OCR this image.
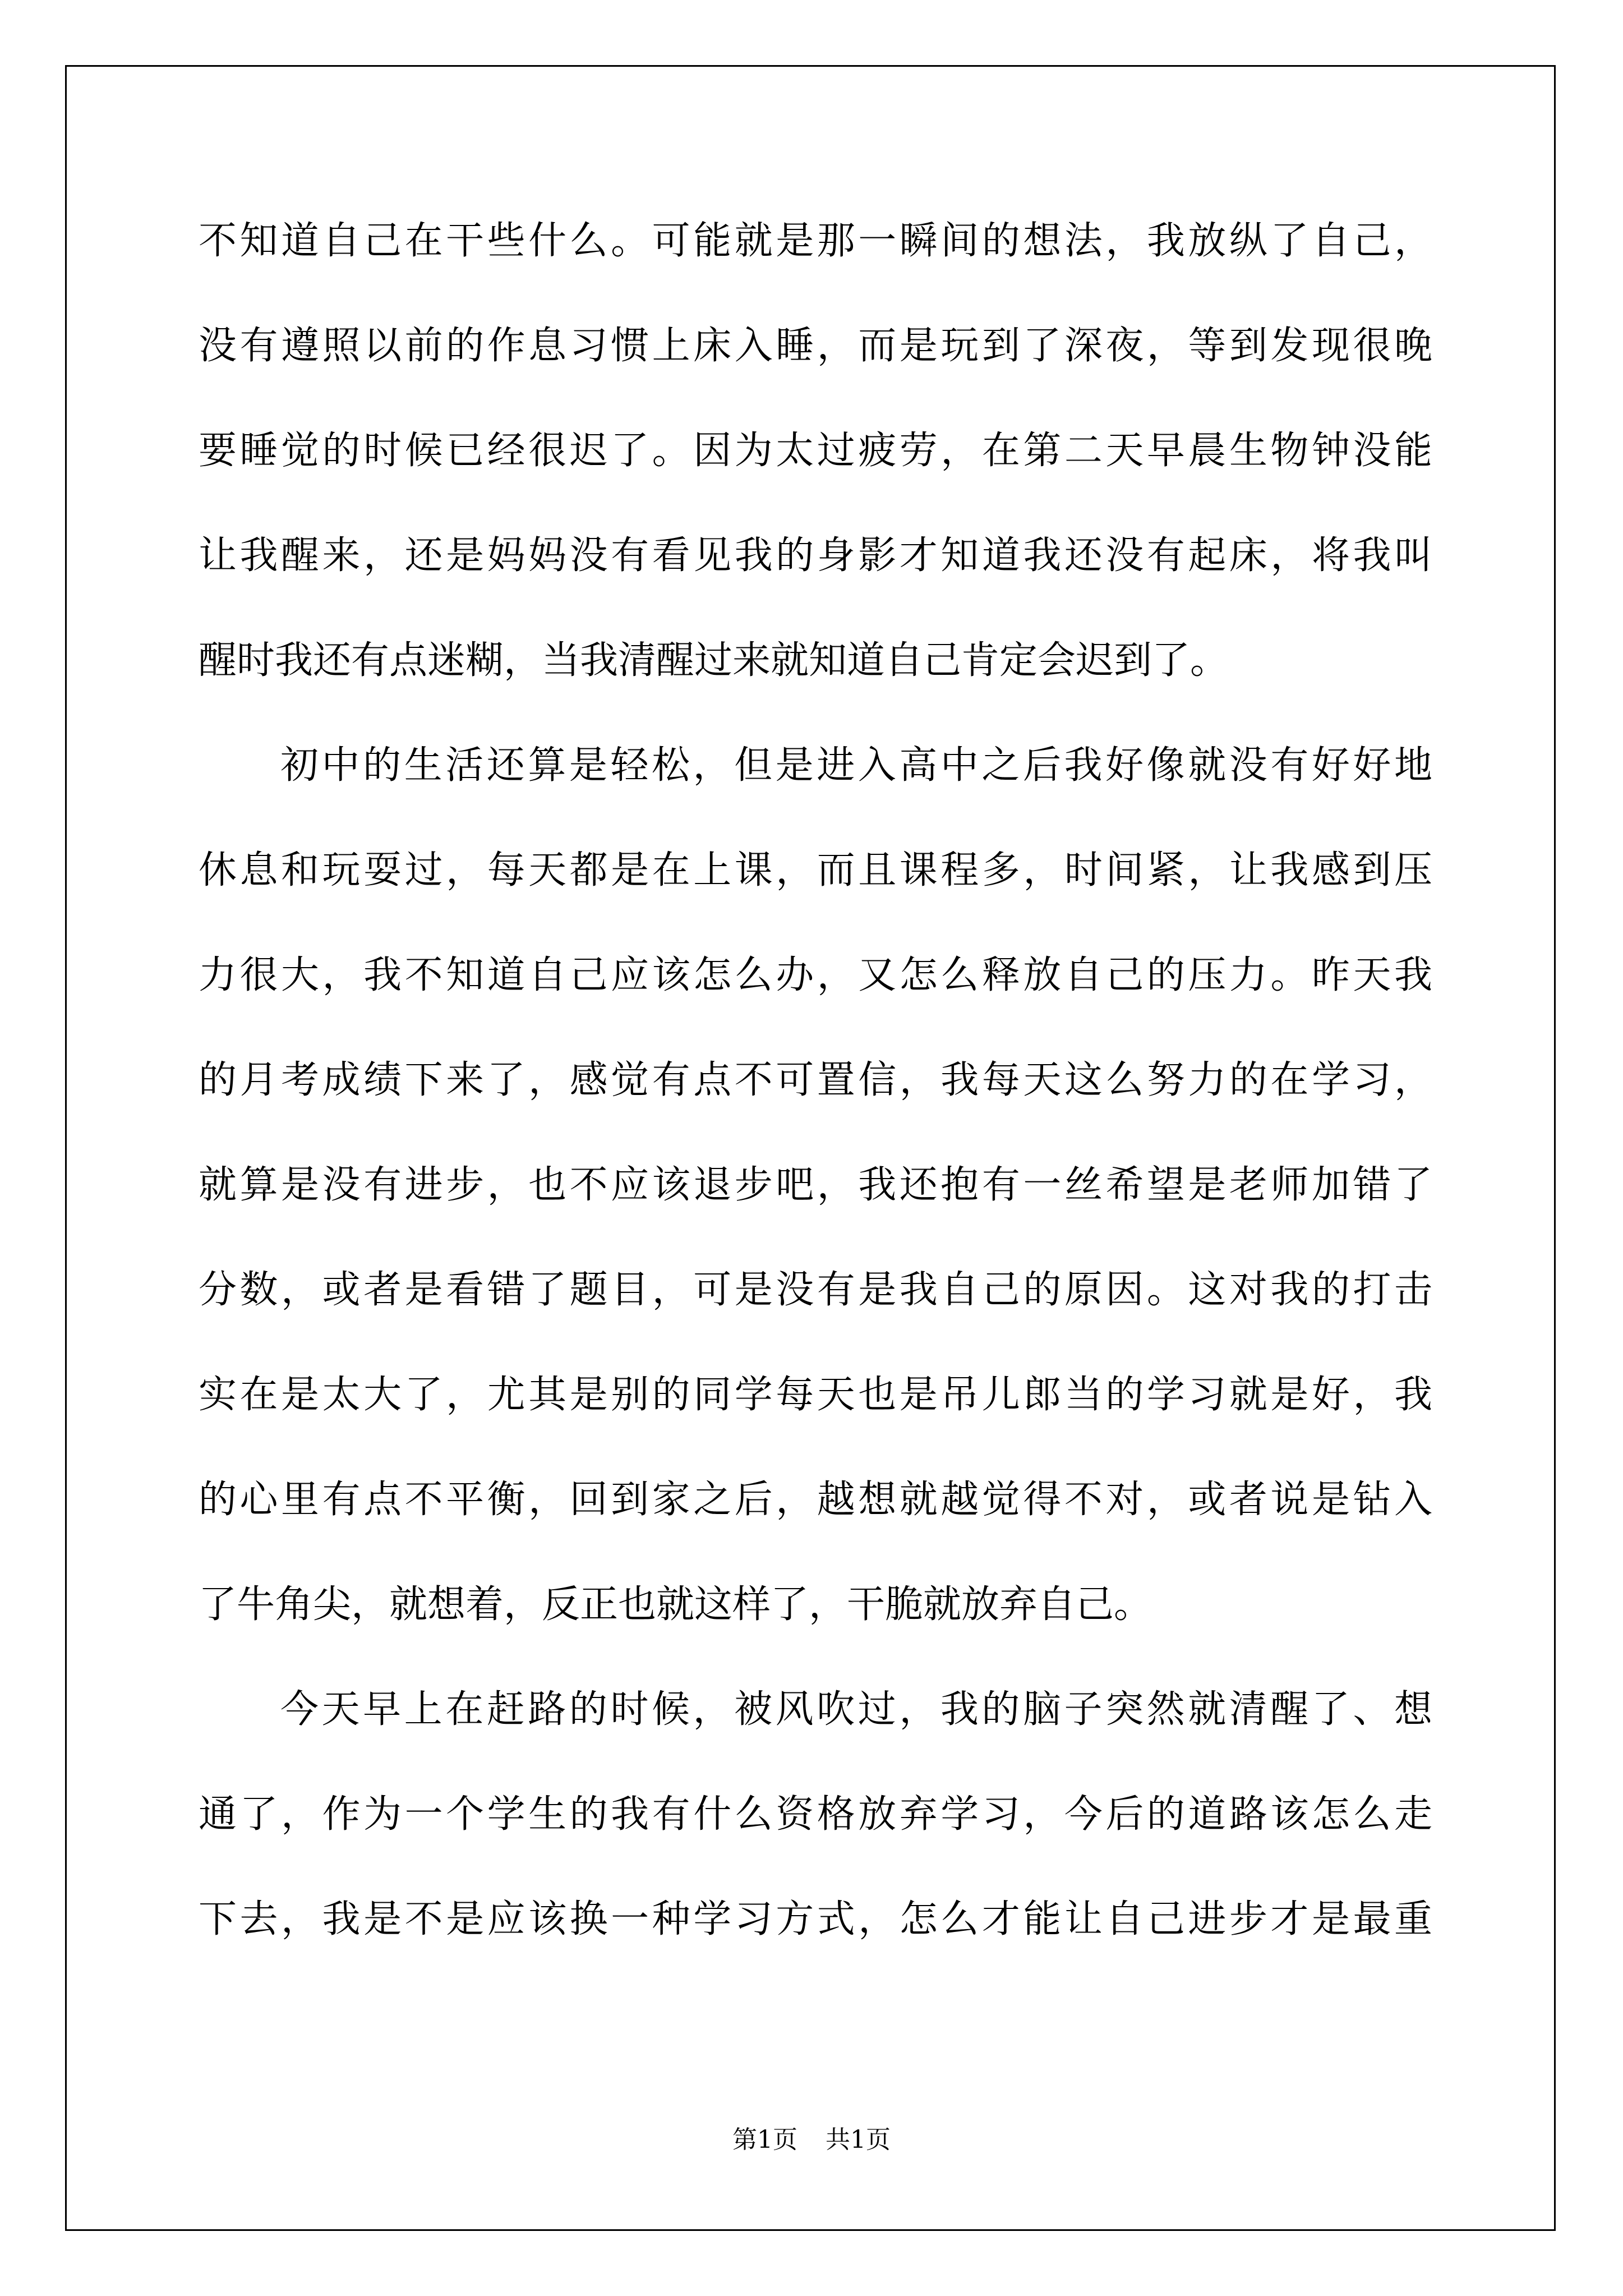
不知道自己在干些什么。可能就是那一瞬间的想法，我放纵了自己，
没有遵照以前的作息习惯上床入睡，而是玩到了深夜，等到发现很晚
要睡觉的时候已经很迟了。因为太过疲劳，在第二天早晨生物钟没能
让我醒来，还是妈妈没有看见我的身影才知道我还没有起床，将我叫
醒时我还有点迷糊，当我清醒过来就知道自己肯定会迟到了。
初中的生活还算是轻松，但是进入高中之后我好像就没有好好地
休息和玩耍过，每天都是在上课，而且课程多，时间紧，让我感到压
力很大，我不知道自己应该怎么办，又怎么释放自己的压力。昨天我
的月考成绩下来了，感觉有点不可置信，我每天这么努力的在学习，
就算是没有进步，也不应该退步吧，我还抱有一丝希望是老师加错了
分数，或者是看错了题目，可是没有是我自己的原因。这对我的打击
实在是太大了，尤其是别的同学每天也是吊儿郎当的学习就是好，我
的心里有点不平衡，回到家之后，越想就越觉得不对，或者说是钻入
了牛角尖，就想着，反正也就这样了，干脆就放弃自己。
今天早上在赶路的时候，被风吹过，我的脑子突然就清醒了、想
通了，作为一个学生的我有什么资格放弃学习，今后的道路该怎么走
下去，我是不是应该换一种学习方式，怎么才能让自己进步才是最重
第1页 共1页
